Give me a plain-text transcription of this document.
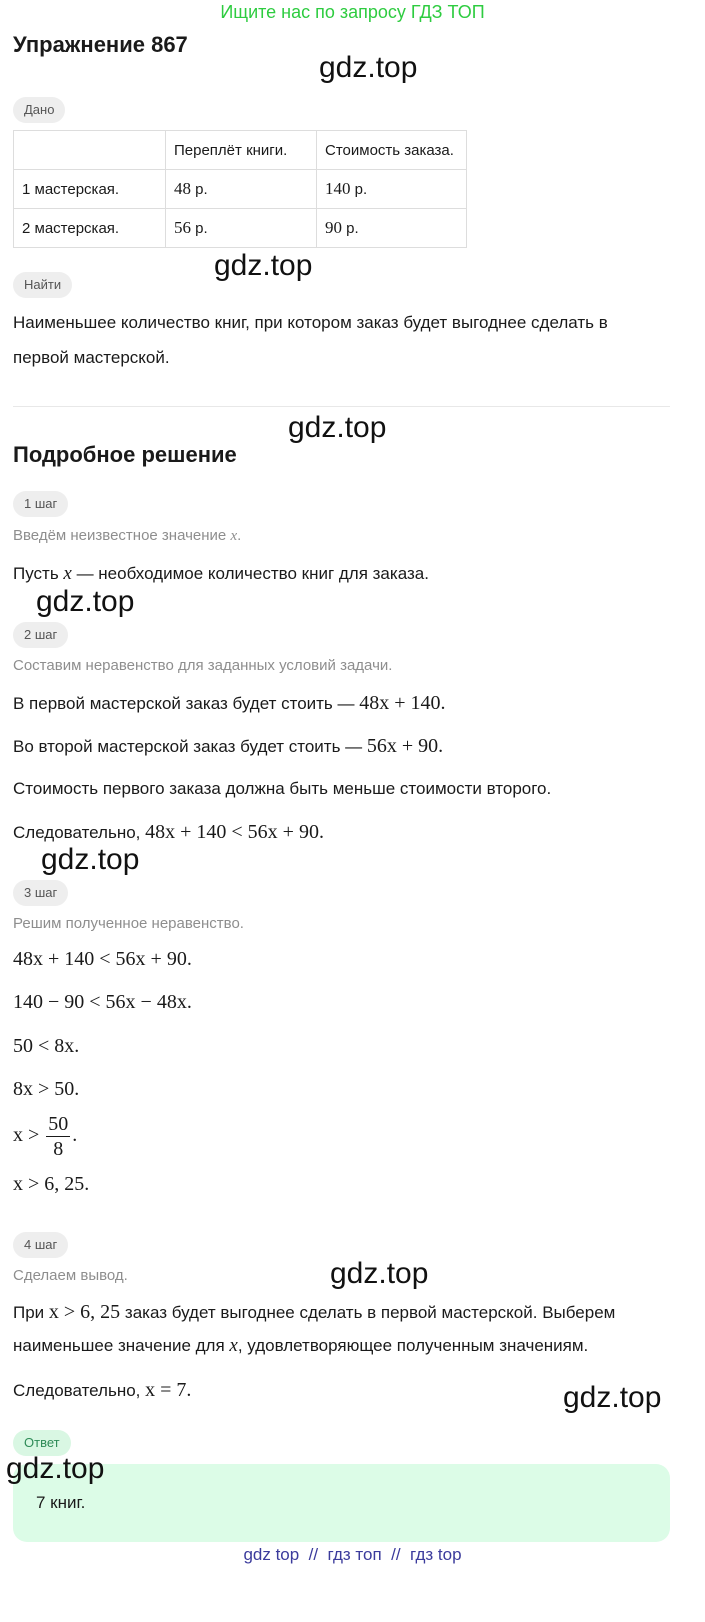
Ищите нас по запросу ГДЗ ТОП
Упражнение 867
gdz.top
Дано
	Переплёт книги.	Стоимость заказа.
1 мастерская.	48 р.	140 р.
2 мастерская.	56 р.	90 р.
gdz.top
Найти
Наименьшее количество книг, при котором заказ будет выгоднее сделать в
первой мастерской.
gdz.top
Подробное решение
1 шаг
Введём неизвестное значение x.
Пусть x — необходимое количество книг для заказа.
gdz.top
2 шаг
Составим неравенство для заданных условий задачи.
В первой мастерской заказ будет стоить — 48x + 140.
Во второй мастерской заказ будет стоить — 56x + 90.
Стоимость первого заказа должна быть меньше стоимости второго.
Следовательно, 48x + 140 < 56x + 90.
gdz.top
3 шаг
Решим полученное неравенство.
48x + 140 < 56x + 90.
140 − 90 < 56x − 48x.
50 < 8x.
8x > 50.
$x > \frac{50}{8}$ .
x > 6, 25.
4 шаг
Сделаем вывод.	gdz.top
При x > 6, 25 заказ будет выгоднее сделать в первой мастерской. Выберем
наименьшее значение для x, удовлетворяющее полученным значениям.
Следовательно, x = 7.	gdz.top
Ответ
7 книг.
gdz.top
gdz top  //  гдз топ  //  гдз top
